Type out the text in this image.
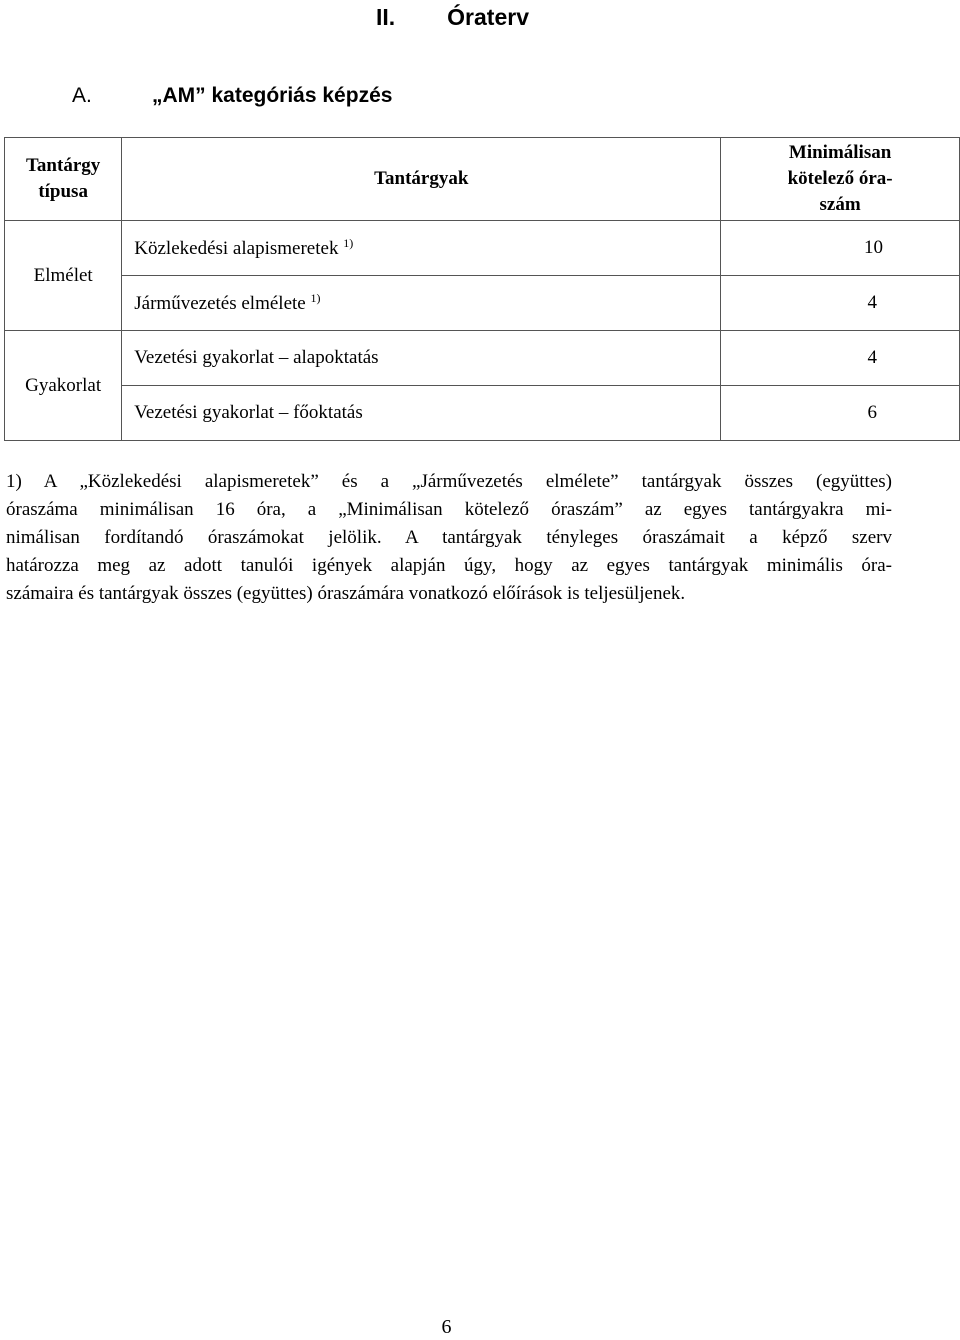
II. Óraterv
A.	„AM” kategóriás képzés
Tantárgy
típusa	Tantárgyak	Minimálisan
kötelező óra-
szám
Elmélet	Közlekedési alapismeretek $^{1)}$	10
	Járművezetés elmélete $^{1)}$	4
Gyakorlat	Vezetési gyakorlat – alapoktatás	4
	Vezetési gyakorlat – főoktatás	6
1) A „Közlekedési alapismeretek” és a „Járművezetés elmélete” tantárgyak összes (együttes)
óraszáma minimálisan 16 óra, a „Minimálisan kötelező óraszám” az egyes tantárgyakra mi-
nimálisan fordítandó óraszámokat jelölik. A tantárgyak tényleges óraszámait a képző szerv
határozza meg az adott tanulói igények alapján úgy, hogy az egyes tantárgyak minimális óra-
számaira és tantárgyak összes (együttes) óraszámára vonatkozó előírások is teljesüljenek.
6
